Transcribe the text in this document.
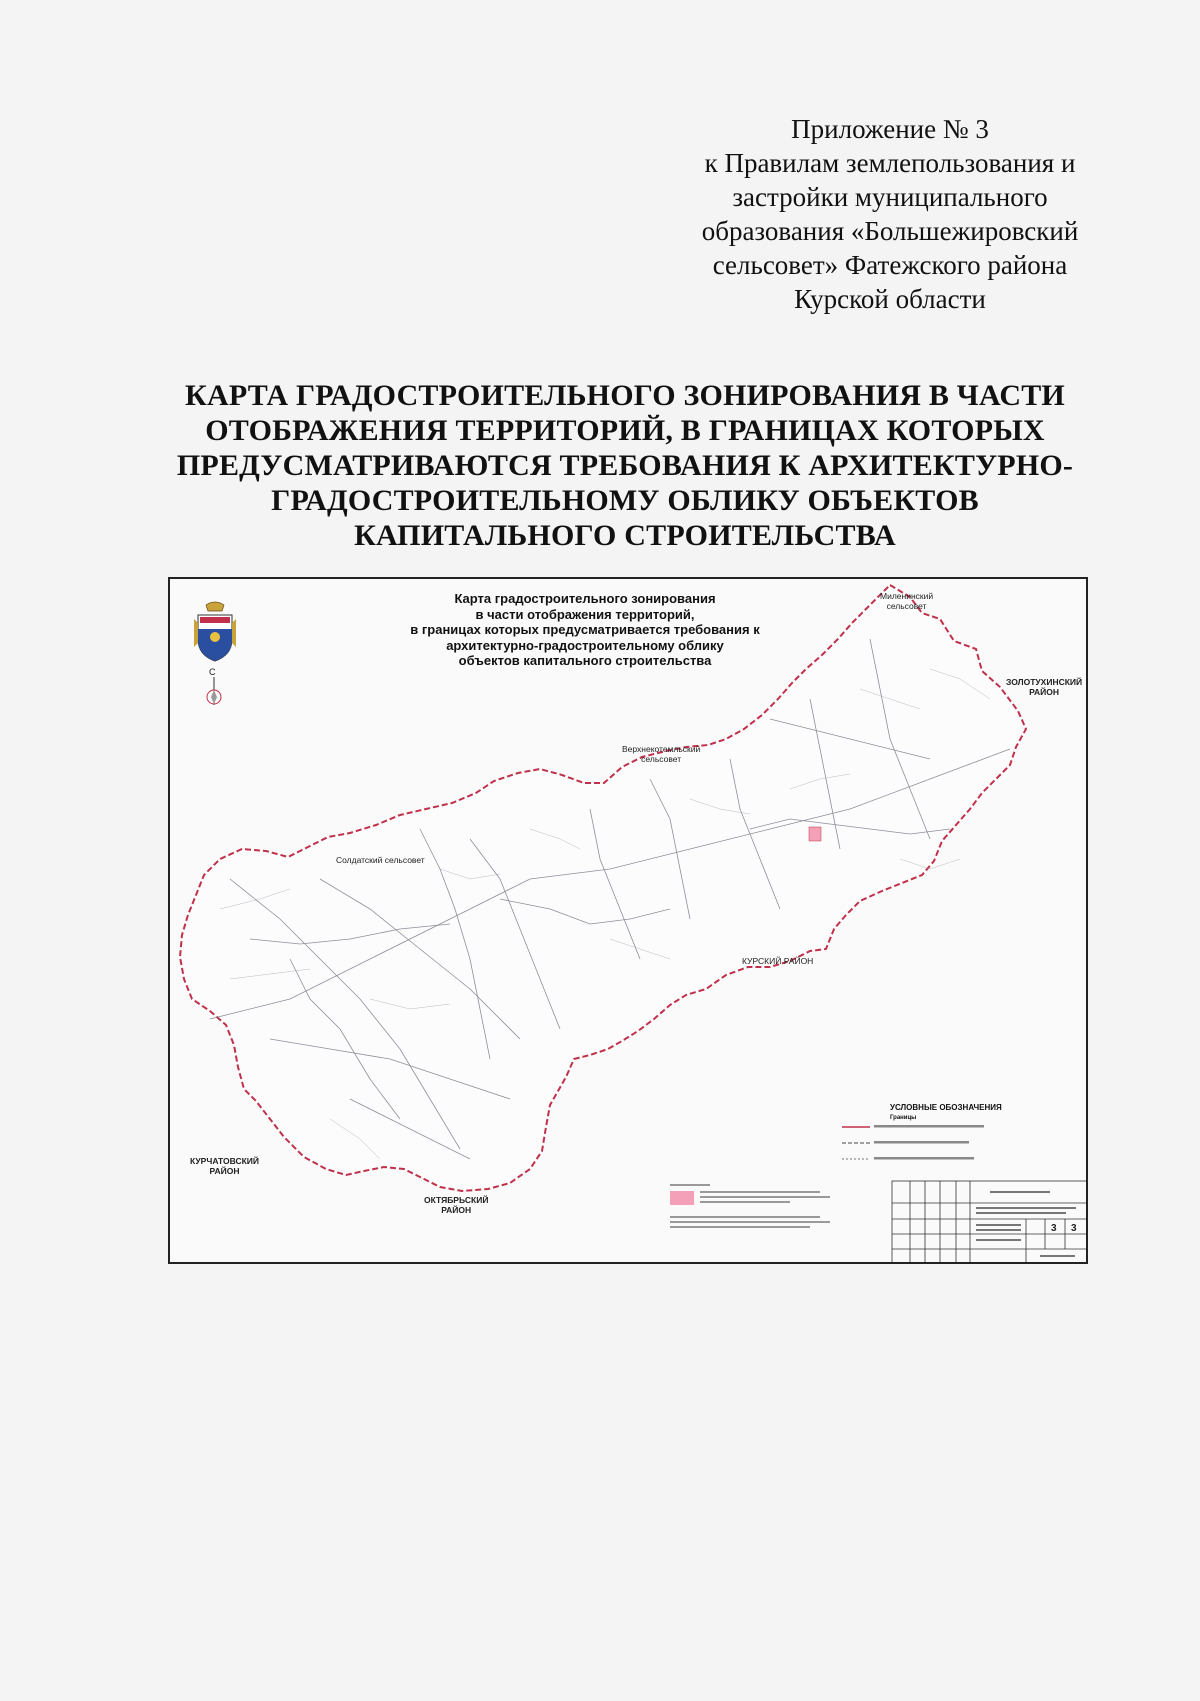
Приложение № 3
к Правилам землепользования и
застройки муниципального
образования «Большежировский
сельсовет» Фатежского района
Курской области
КАРТА ГРАДОСТРОИТЕЛЬНОГО ЗОНИРОВАНИЯ В ЧАСТИ
ОТОБРАЖЕНИЯ ТЕРРИТОРИЙ, В ГРАНИЦАХ КОТОРЫХ
ПРЕДУСМАТРИВАЮТСЯ ТРЕБОВАНИЯ К АРХИТЕКТУРНО-
ГРАДОСТРОИТЕЛЬНОМУ ОБЛИКУ ОБЪЕКТОВ
КАПИТАЛЬНОГО СТРОИТЕЛЬСТВА
С
Карта градостроительного зонирования
в части отображения территорий,
в границах которых предусматривается требования к
архитектурно-градостроительному облику
объектов капитального строительства
Миленинский
сельсовет
ЗОЛОТУХИНСКИЙ
РАЙОН
Верхнекотемльский
сельсовет
Солдатский сельсовет
КУРСКИЙ РАЙОН
КУРЧАТОВСКИЙ
РАЙОН
ОКТЯБРЬСКИЙ
РАЙОН
УСЛОВНЫЕ ОБОЗНАЧЕНИЯ
Границы
3 3
